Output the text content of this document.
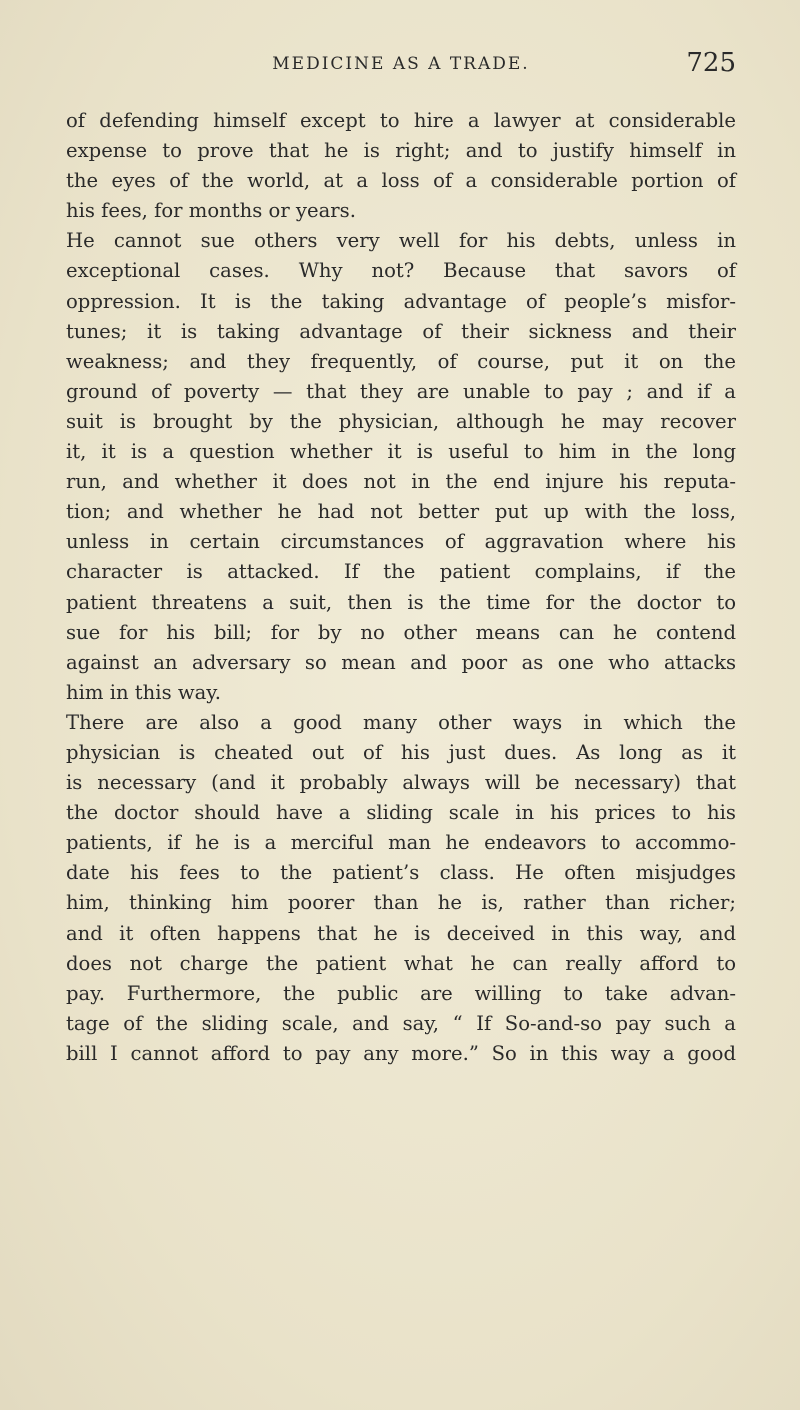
MEDICINE AS A TRADE.	725
of defending himself except to hire a lawyer at considerable
expense to prove that he is right; and to justify himself in
the eyes of the world, at a loss of a considerable portion of
his fees, for months or years.
He cannot sue others very well for his debts, unless in
exceptional cases. Why not? Because that savors of
oppression. It is the taking advantage of people’s misfor-
tunes; it is taking advantage of their sickness and their
weakness; and they frequently, of course, put it on the
ground of poverty — that they are unable to pay ; and if a
suit is brought by the physician, although he may recover
it, it is a question whether it is useful to him in the long
run, and whether it does not in the end injure his reputa-
tion; and whether he had not better put up with the loss,
unless in certain circumstances of aggravation where his
character is attacked. If the patient complains, if the
patient threatens a suit, then is the time for the doctor to
sue for his bill; for by no other means can he contend
against an adversary so mean and poor as one who attacks
him in this way.
There are also a good many other ways in which the
physician is cheated out of his just dues. As long as it
is necessary (and it probably always will be necessary) that
the doctor should have a sliding scale in his prices to his
patients, if he is a merciful man he endeavors to accommo-
date his fees to the patient’s class. He often misjudges
him, thinking him poorer than he is, rather than richer;
and it often happens that he is deceived in this way, and
does not charge the patient what he can really afford to
pay. Furthermore, the public are willing to take advan-
tage of the sliding scale, and say, “ If So-and-so pay such a
bill I cannot afford to pay any more.” So in this way a good
